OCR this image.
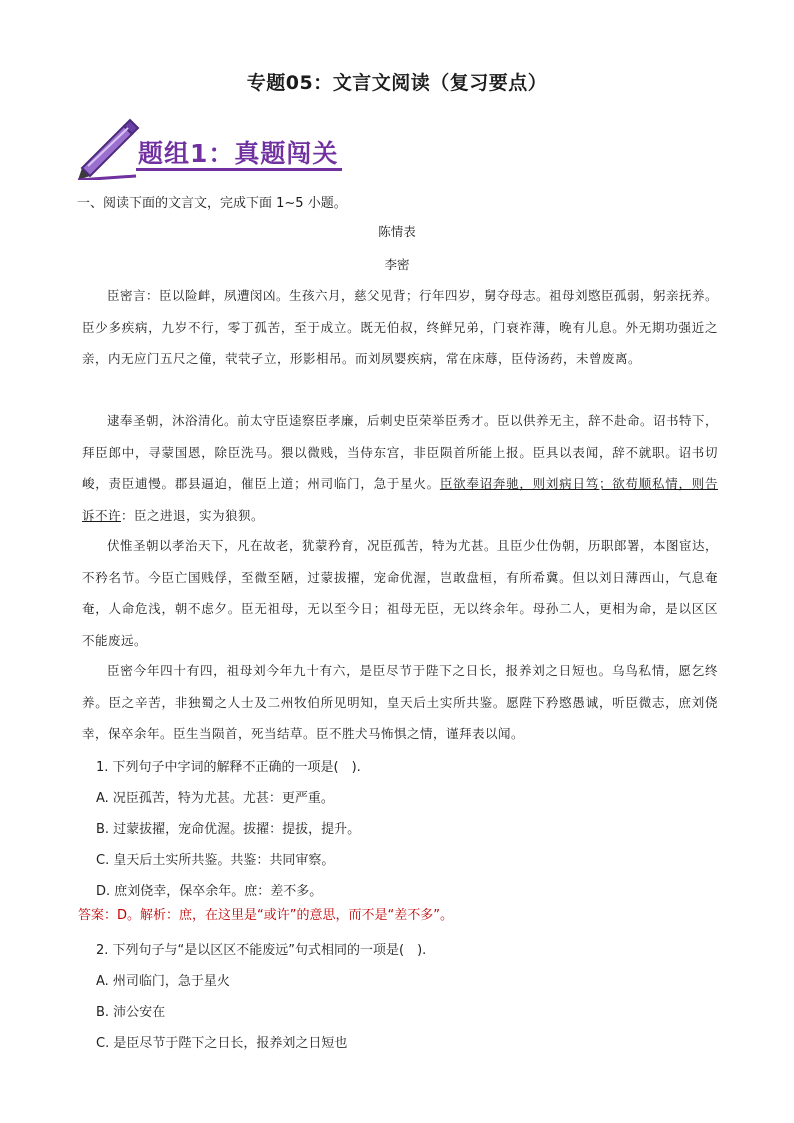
专题05：文言文阅读（复习要点）
题组1：真题闯关
一、阅读下面的文言文，完成下面 1~5 小题。
陈情表
李密
臣密言：臣以险衅，夙遭闵凶。生孩六月，慈父见背；行年四岁，舅夺母志。祖母刘愍臣孤弱，躬亲抚养。臣少多疾病，九岁不行，零丁孤苦，至于成立。既无伯叔，终鲜兄弟，门衰祚薄，晚有儿息。外无期功强近之亲，内无应门五尺之僮，茕茕孑立，形影相吊。而刘夙婴疾病，常在床蓐，臣侍汤药，未曾废离。
逮奉圣朝，沐浴清化。前太守臣逵察臣孝廉，后刺史臣荣举臣秀才。臣以供养无主，辞不赴命。诏书特下，拜臣郎中，寻蒙国恩，除臣洗马。猥以微贱，当侍东宫，非臣陨首所能上报。臣具以表闻，辞不就职。诏书切峻，责臣逋慢。郡县逼迫，催臣上道；州司临门，急于星火。臣欲奉诏奔驰，则刘病日笃；欲苟顺私情，则告诉不许：臣之进退，实为狼狈。
伏惟圣朝以孝治天下，凡在故老，犹蒙矜育，况臣孤苦，特为尤甚。且臣少仕伪朝，历职郎署，本图宦达，不矜名节。今臣亡国贱俘，至微至陋，过蒙拔擢，宠命优渥，岂敢盘桓，有所希冀。但以刘日薄西山，气息奄奄，人命危浅，朝不虑夕。臣无祖母，无以至今日；祖母无臣，无以终余年。母孙二人，更相为命，是以区区不能废远。
臣密今年四十有四，祖母刘今年九十有六，是臣尽节于陛下之日长，报养刘之日短也。乌鸟私情，愿乞终养。臣之辛苦，非独蜀之人士及二州牧伯所见明知，皇天后土实所共鉴。愿陛下矜愍愚诚，听臣微志，庶刘侥幸，保卒余年。臣生当陨首，死当结草。臣不胜犬马怖惧之情，谨拜表以闻。
1. 下列句子中字词的解释不正确的一项是(　).
A. 况臣孤苦，特为尤甚。尤甚：更严重。
B. 过蒙拔擢，宠命优渥。拔擢：提拔，提升。
C. 皇天后土实所共鉴。共鉴：共同审察。
D. 庶刘侥幸，保卒余年。庶：差不多。
答案：D。解析：庶，在这里是“或许”的意思，而不是“差不多”。
2. 下列句子与“是以区区不能废远”句式相同的一项是(　).
A. 州司临门，急于星火
B. 沛公安在
C. 是臣尽节于陛下之日长，报养刘之日短也
